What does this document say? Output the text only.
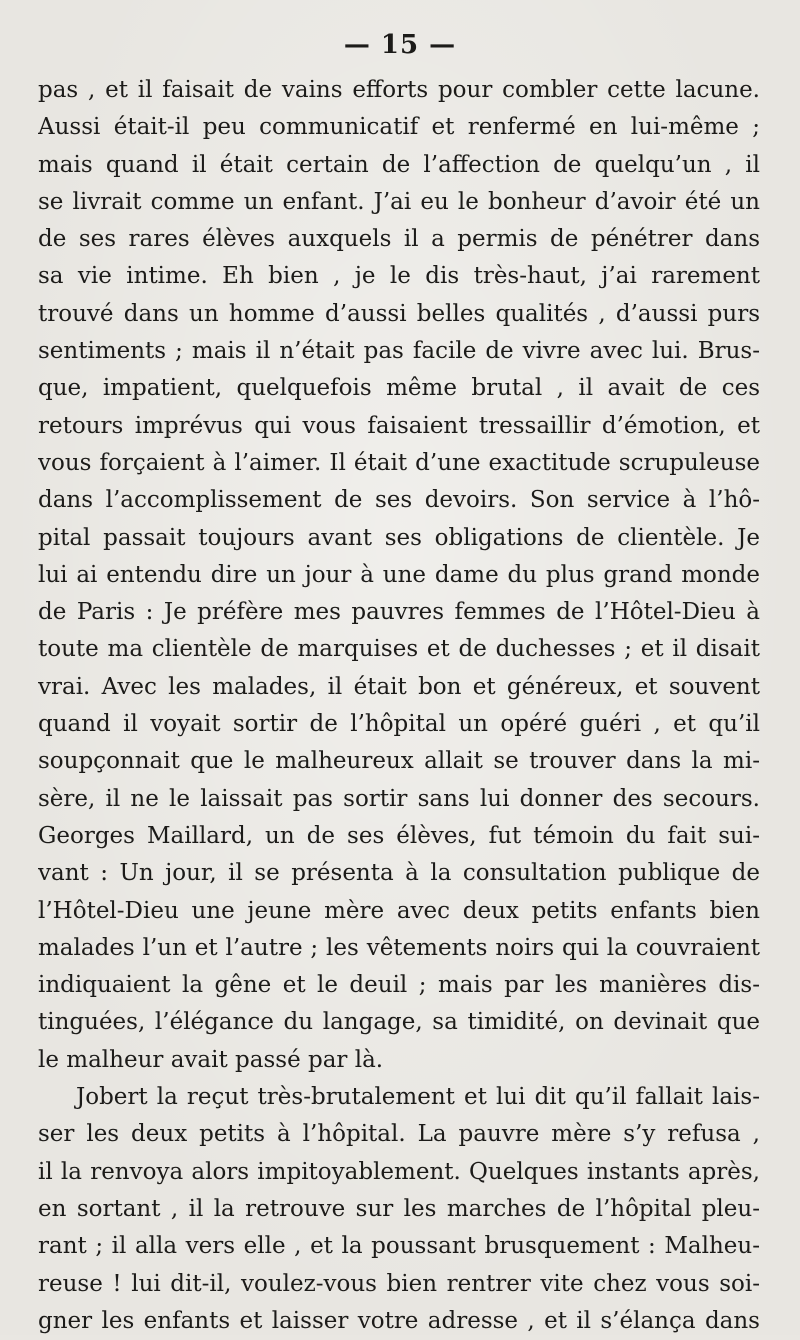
— 15 —
pas , et il faisait de vains efforts pour combler cette lacune.
Aussi était-il peu communicatif et renfermé en lui-même ;
mais quand il était certain de l’affection de quelqu’un , il
se livrait comme un enfant. J’ai eu le bonheur d’avoir été un
de ses rares élèves auxquels il a permis de pénétrer dans
sa vie intime. Eh bien , je le dis très-haut, j’ai rarement
trouvé dans un homme d’aussi belles qualités , d’aussi purs
sentiments ; mais il n’était pas facile de vivre avec lui. Brus-
que, impatient, quelquefois même brutal , il avait de ces
retours imprévus qui vous faisaient tressaillir d’émotion, et
vous forçaient à l’aimer. Il était d’une exactitude scrupuleuse
dans l’accomplissement de ses devoirs. Son service à l’hô-
pital passait toujours avant ses obligations de clientèle. Je
lui ai entendu dire un jour à une dame du plus grand monde
de Paris : Je préfère mes pauvres femmes de l’Hôtel-Dieu à
toute ma clientèle de marquises et de duchesses ; et il disait
vrai. Avec les malades, il était bon et généreux, et souvent
quand il voyait sortir de l’hôpital un opéré guéri , et qu’il
soupçonnait que le malheureux allait se trouver dans la mi-
sère, il ne le laissait pas sortir sans lui donner des secours.
Georges Maillard, un de ses élèves, fut témoin du fait sui-
vant : Un jour, il se présenta à la consultation publique de
l’Hôtel-Dieu une jeune mère avec deux petits enfants bien
malades l’un et l’autre ; les vêtements noirs qui la couvraient
indiquaient la gêne et le deuil ; mais par les manières dis-
tinguées, l’élégance du langage, sa timidité, on devinait que
le malheur avait passé par là.
Jobert la reçut très-brutalement et lui dit qu’il fallait lais-
ser les deux petits à l’hôpital. La pauvre mère s’y refusa ,
il la renvoya alors impitoyablement. Quelques instants après,
en sortant , il la retrouve sur les marches de l’hôpital pleu-
rant ; il alla vers elle , et la poussant brusquement : Malheu-
reuse ! lui dit-il, voulez-vous bien rentrer vite chez vous soi-
gner les enfants et laisser votre adresse , et il s’élança dans
